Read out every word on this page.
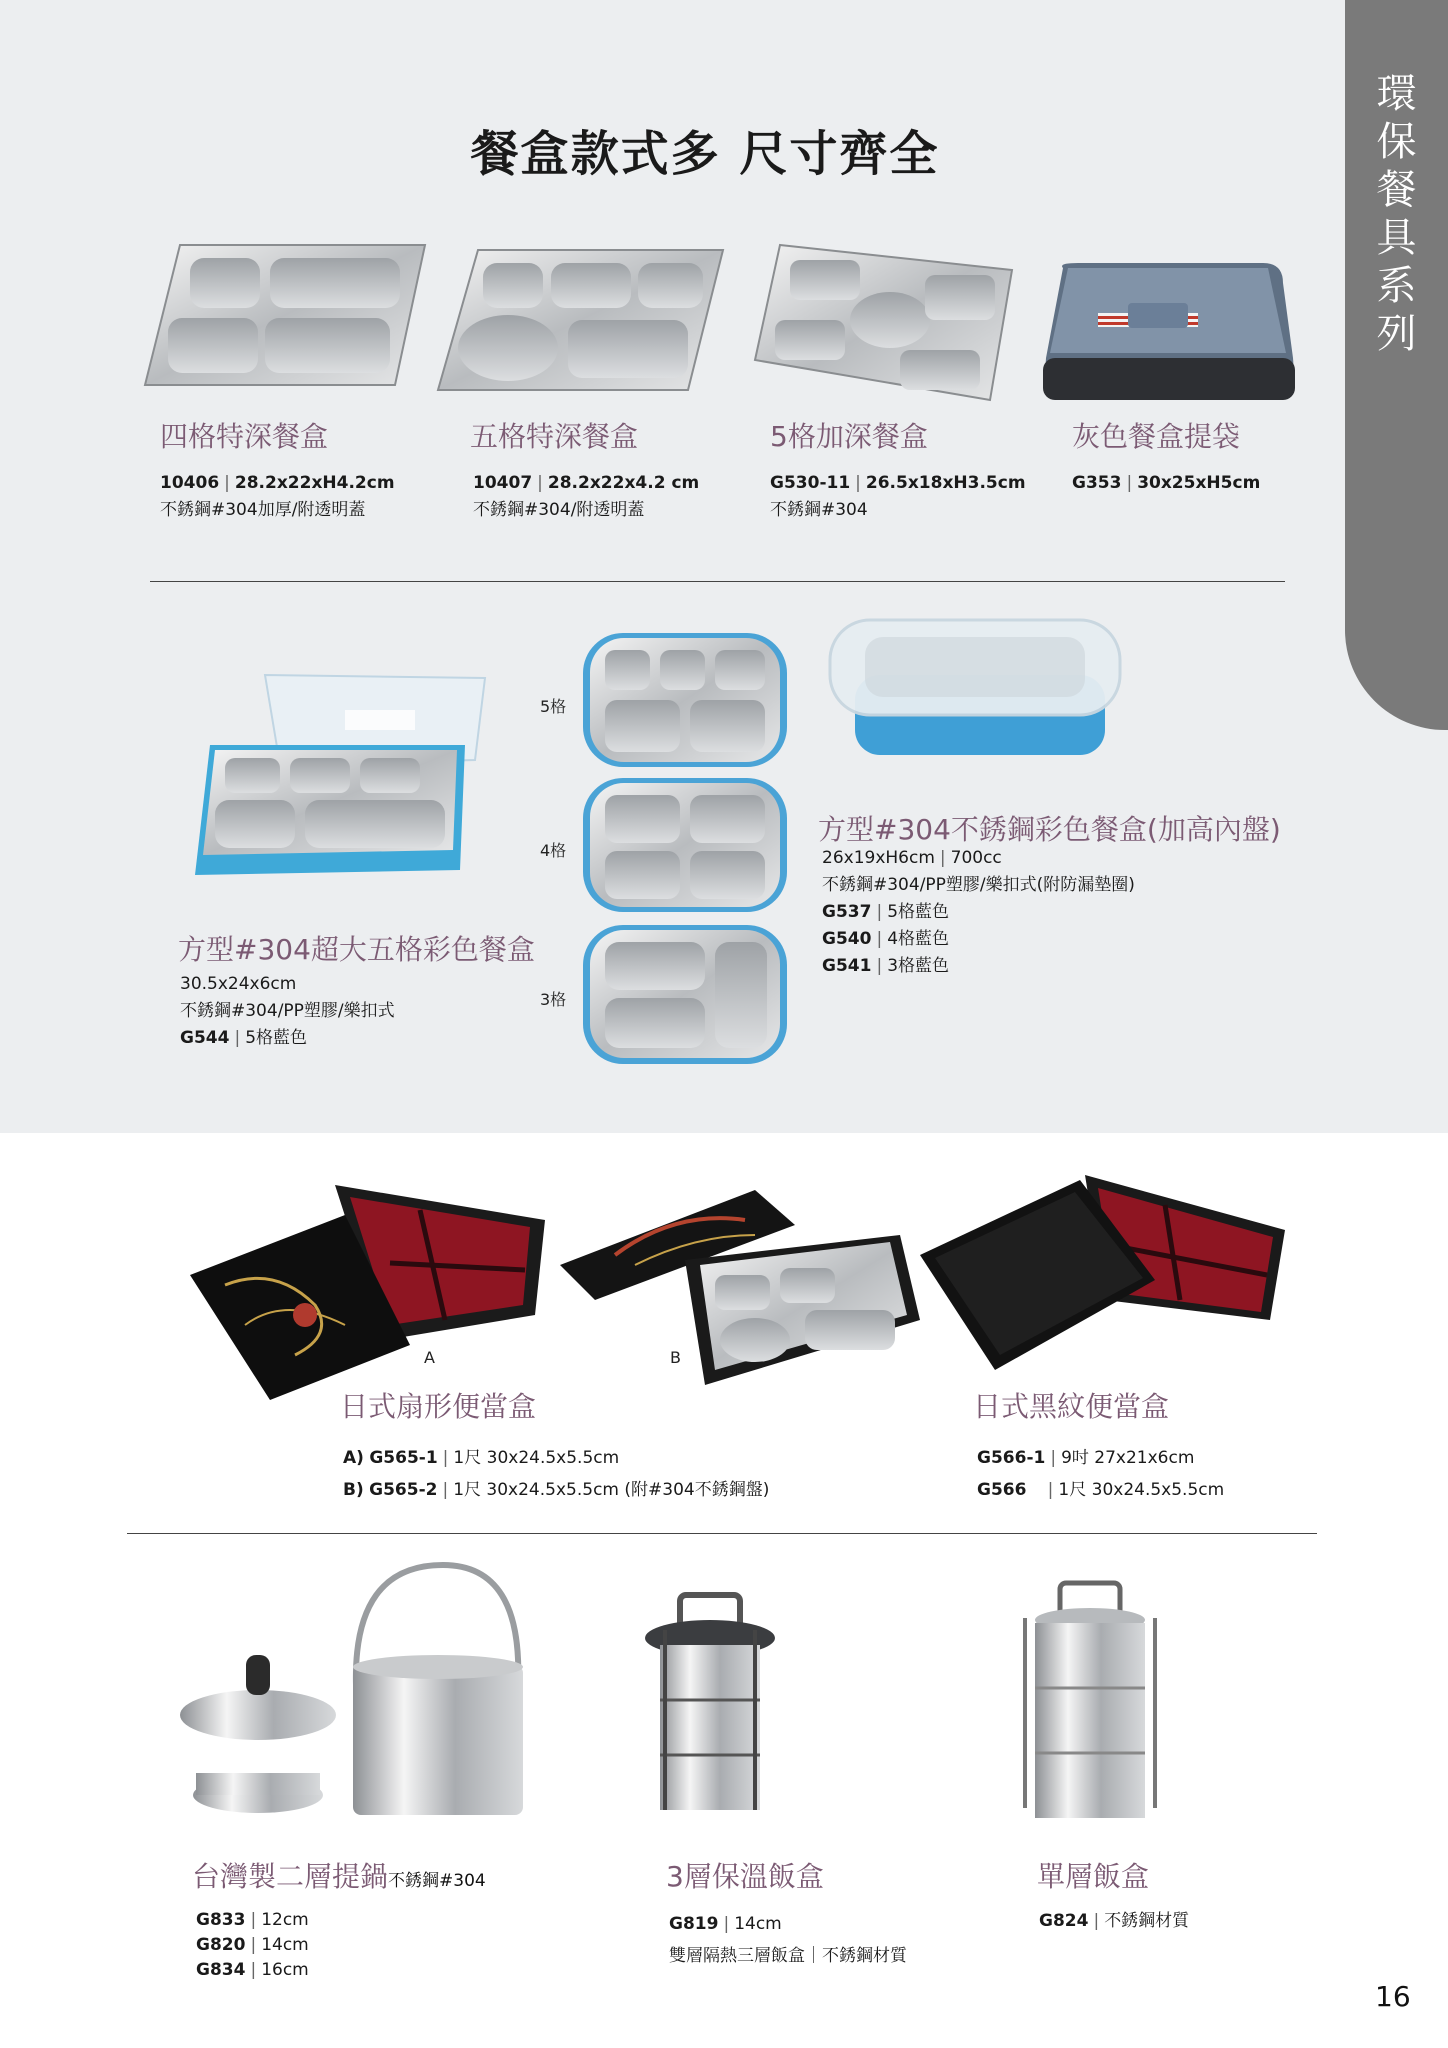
環
保
餐
具
系
列
餐盒款式多 尺寸齊全
四格特深餐盒
10406 | 28.2x22xH4.2cm
不銹鋼#304加厚/附透明蓋
五格特深餐盒
10407 | 28.2x22x4.2 cm
不銹鋼#304/附透明蓋
5格加深餐盒
G530-11 | 26.5x18xH3.5cm
不銹鋼#304
灰色餐盒提袋
G353 | 30x25xH5cm
5格
4格
3格
方型#304超大五格彩色餐盒
30.5x24x6cm
不銹鋼#304/PP塑膠/樂扣式
G544 | 5格藍色
方型#304不銹鋼彩色餐盒(加高內盤)
26x19xH6cm | 700cc
不銹鋼#304/PP塑膠/樂扣式(附防漏墊圈)
G537 | 5格藍色
G540 | 4格藍色
G541 | 3格藍色
A	B
日式扇形便當盒
A) G565-1 | 1尺 30x24.5x5.5cm
B) G565-2 | 1尺 30x24.5x5.5cm (附#304不銹鋼盤)
日式黑紋便當盒
G566-1 | 9吋 27x21x6cm
G566   | 1尺 30x24.5x5.5cm
台灣製二層提鍋不銹鋼#304
G833 | 12cm
G820 | 14cm
G834 | 16cm
3層保溫飯盒
G819 | 14cm
雙層隔熱三層飯盒｜不銹鋼材質
單層飯盒
G824 | 不銹鋼材質
16
